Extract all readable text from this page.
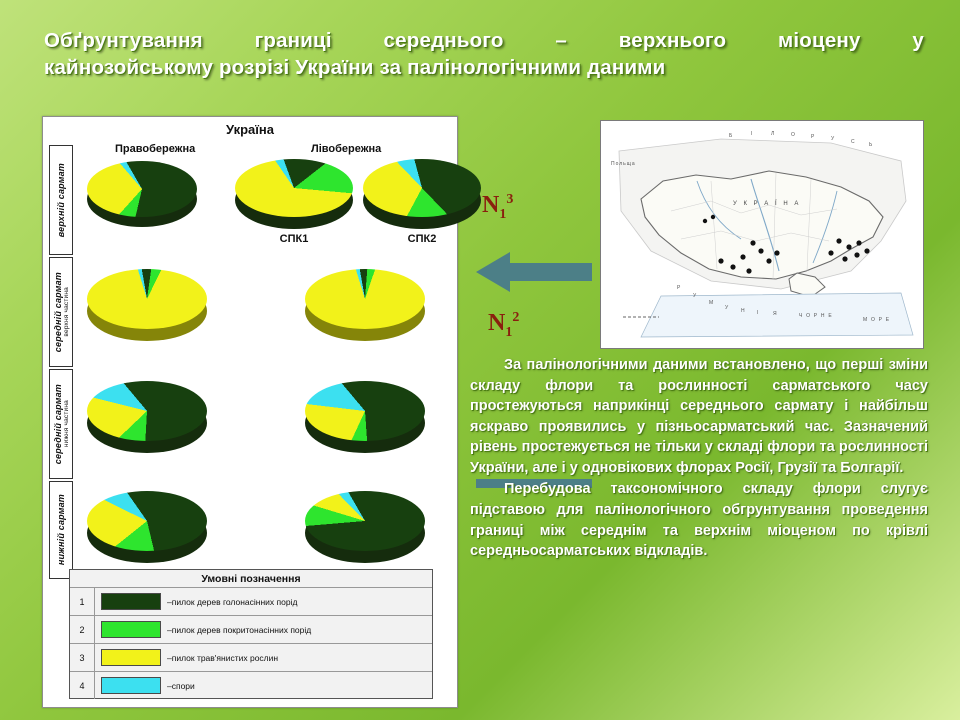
Обґрунтування границі середнього – верхнього міоцену у
кайнозойському розрізі України за палінологічними даними
Україна
Правобережна	Лівобережна
верхній сармат
середній сармат верхня частина
середній сармат нижня частина
нижній сармат
СПК1	СПК2
Умовні позначення
1	–пилок дерев голонасінних порід
2	–пилок дерев покритонасінних порід
3	–пилок трав'янистих рослин
4	–спори
Б	І	Л	О	Р	У	С	Ь
У К Р А Ї Н А
Р
У
М
У Н І	Я	Ч О Р Н Е
М О Р Е
Польща
$N_1^3$
$N_1^2$

За палінологічними даними встановлено, що перші зміни складу флори та рослинності сарматського часу простежуються наприкінці середнього сармату і найбільш яскраво проявились у пізньосарматський час. Зазначений рівень простежується не тільки у складі флори та рослинності України, але і у одновікових флорах Росії, Грузії та Болгарії.

Перебудова таксономічного складу флори слугує підставою для палінологічного обгрунтування проведення границі між середнім та верхнім міоценом по крівлі середньосарматських відкладів.
